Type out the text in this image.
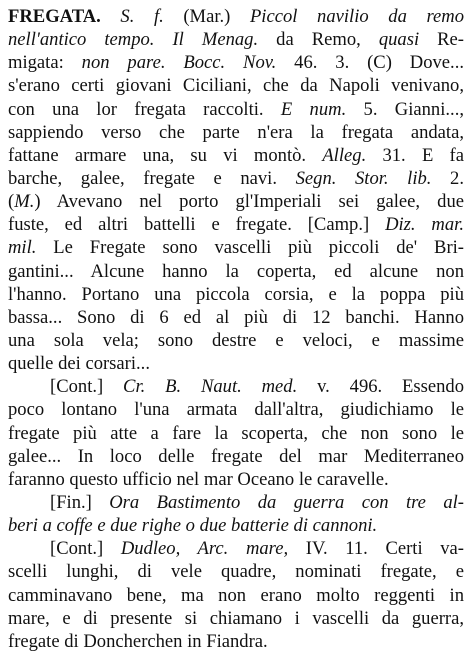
FREGATA. S. f. (Mar.) Piccol navilio da remo
nell'antico tempo. Il Menag. da Remo, quasi Re-
migata: non pare. Bocc. Nov. 46. 3. (C) Dove...
s'erano certi giovani Ciciliani, che da Napoli venivano,
con una lor fregata raccolti. E num. 5. Gianni...,
sappiendo verso che parte n'era la fregata andata,
fattane armare una, su vi montò. Alleg. 31. E fa
barche, galee, fregate e navi. Segn. Stor. lib. 2.
(M.) Avevano nel porto gl'Imperiali sei galee, due
fuste, ed altri battelli e fregate. [Camp.] Diz. mar.
mil. Le Fregate sono vascelli più piccoli de' Bri-
gantini... Alcune hanno la coperta, ed alcune non
l'hanno. Portano una piccola corsia, e la poppa più
bassa... Sono di 6 ed al più di 12 banchi. Hanno
una sola vela; sono destre e veloci, e massime
quelle dei corsari...
[Cont.] Cr. B. Naut. med. v. 496. Essendo
poco lontano l'una armata dall'altra, giudichiamo le
fregate più atte a fare la scoperta, che non sono le
galee... In loco delle fregate del mar Mediterraneo
faranno questo ufficio nel mar Oceano le caravelle.
[Fin.] Ora Bastimento da guerra con tre al-
beri a coffe e due righe o due batterie di cannoni.
[Cont.] Dudleo, Arc. mare, IV. 11. Certi va-
scelli lunghi, di vele quadre, nominati fregate, e
camminavano bene, ma non erano molto reggenti in
mare, e di presente si chiamano i vascelli da guerra,
fregate di Doncherchen in Fiandra.
